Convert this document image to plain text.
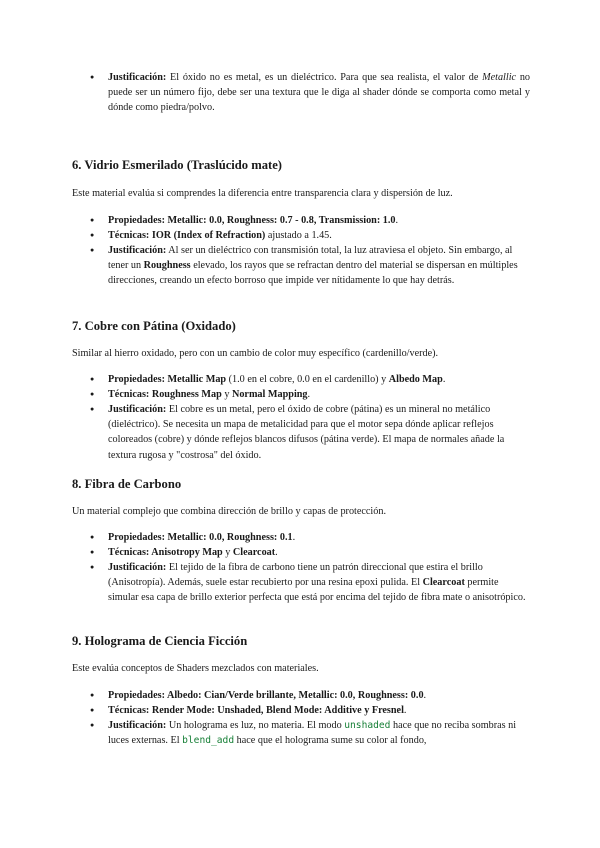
● Justificación: El óxido no es metal, es un dieléctrico. Para que sea realista, el valor de Metallic no puede ser un número fijo, debe ser una textura que le diga al shader dónde se comporta como metal y dónde como piedra/polvo.
6. Vidrio Esmerilado (Traslúcido mate)

Este material evalúa si comprendes la diferencia entre transparencia clara y dispersión de luz.

● Propiedades: Metallic: 0.0, Roughness: 0.7 - 0.8, Transmission: 1.0.
● Técnicas: IOR (Index of Refraction) ajustado a 1.45.
● Justificación: Al ser un dieléctrico con transmisión total, la luz atraviesa el objeto. Sin embargo, al tener un Roughness elevado, los rayos que se refractan dentro del material se dispersan en múltiples direcciones, creando un efecto borroso que impide ver nítidamente lo que hay detrás.
7. Cobre con Pátina (Oxidado)

Similar al hierro oxidado, pero con un cambio de color muy específico (cardenillo/verde).

● Propiedades: Metallic Map (1.0 en el cobre, 0.0 en el cardenillo) y Albedo Map.
● Técnicas: Roughness Map y Normal Mapping.
● Justificación: El cobre es un metal, pero el óxido de cobre (pátina) es un mineral no metálico (dieléctrico). Se necesita un mapa de metalicidad para que el motor sepa dónde aplicar reflejos coloreados (cobre) y dónde reflejos blancos difusos (pátina verde). El mapa de normales añade la textura rugosa y "costrosa" del óxido.
8. Fibra de Carbono

Un material complejo que combina dirección de brillo y capas de protección.

● Propiedades: Metallic: 0.0, Roughness: 0.1.
● Técnicas: Anisotropy Map y Clearcoat.
● Justificación: El tejido de la fibra de carbono tiene un patrón direccional que estira el brillo (Anisotropía). Además, suele estar recubierto por una resina epoxi pulida. El Clearcoat permite simular esa capa de brillo exterior perfecta que está por encima del tejido de fibra mate o anisotrópico.
9. Holograma de Ciencia Ficción

Este evalúa conceptos de Shaders mezclados con materiales.

● Propiedades: Albedo: Cian/Verde brillante, Metallic: 0.0, Roughness: 0.0.
● Técnicas: Render Mode: Unshaded, Blend Mode: Additive y Fresnel.
● Justificación: Un holograma es luz, no materia. El modo unshaded hace que no reciba sombras ni luces externas. El blend_add hace que el holograma sume su color al fondo,
